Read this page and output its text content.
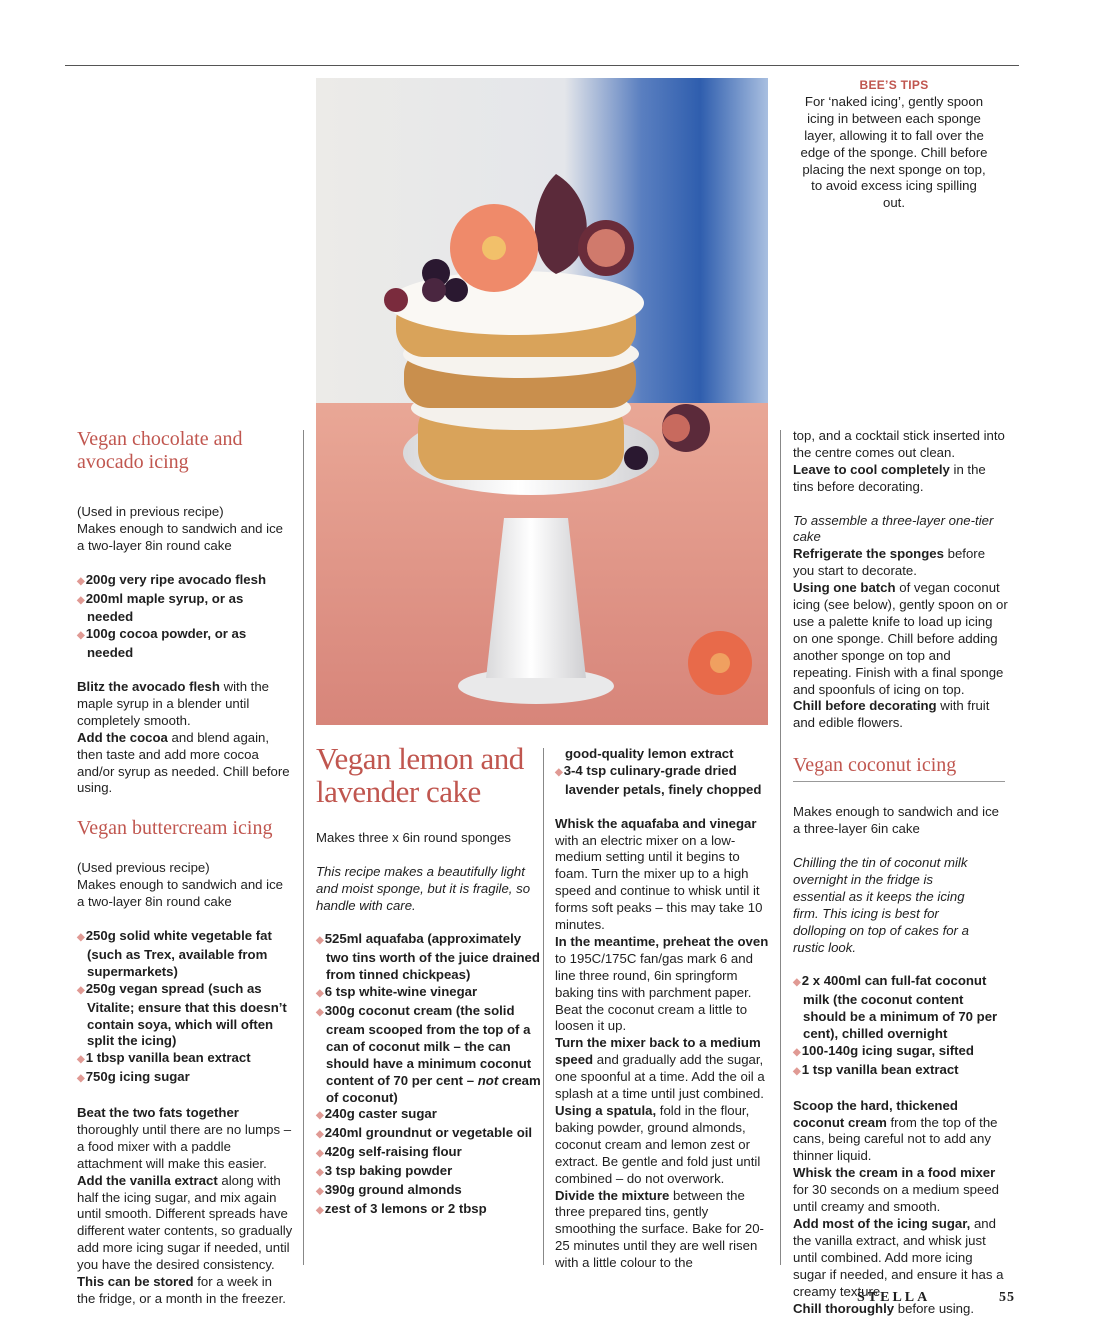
Vegan chocolate and avocado icing

(Used in previous recipe)

Makes enough to sandwich and ice a two-layer 8in round cake

◆200g very ripe avocado flesh
◆200ml maple syrup, or as needed
◆100g cocoa powder, or as needed

Blitz the avocado flesh with the maple syrup in a blender until completely smooth.

Add the cocoa and blend again, then taste and add more cocoa and/or syrup as needed. Chill before using.

Vegan buttercream icing

(Used previous recipe)

Makes enough to sandwich and ice a two-layer 8in round cake

◆250g solid white vegetable fat (such as Trex, available from supermarkets)
◆250g vegan spread (such as Vitalite; ensure that this doesn’t contain soya, which will often split the icing)
◆1 tbsp vanilla bean extract
◆750g icing sugar

Beat the two fats together thoroughly until there are no lumps – a food mixer with a paddle attachment will make this easier.

Add the vanilla extract along with half the icing sugar, and mix again until smooth. Different spreads have different water contents, so gradually add more icing sugar if needed, until you have the desired consistency.

This can be stored for a week in the fridge, or a month in the freezer.

Vegan lemon and lavender cake

Makes three x 6in round sponges

This recipe makes a beautifully light and moist sponge, but it is fragile, so handle with care.

◆525ml aquafaba (approximately two tins worth of the juice drained from tinned chickpeas)
◆6 tsp white-wine vinegar
◆300g coconut cream (the solid cream scooped from the top of a can of coconut milk – the can should have a minimum coconut content of 70 per cent – not cream of coconut)
◆240g caster sugar
◆240ml groundnut or vegetable oil
◆420g self-raising flour
◆3 tsp baking powder
◆390g ground almonds
◆zest of 3 lemons or 2 tbsp
good-quality lemon extract
◆3-4 tsp culinary-grade dried lavender petals, finely chopped

Whisk the aquafaba and vinegar with an electric mixer on a low-medium setting until it begins to foam. Turn the mixer up to a high speed and continue to whisk until it forms soft peaks – this may take 10 minutes.

In the meantime, preheat the oven to 195C/175C fan/gas mark 6 and line three round, 6in springform baking tins with parchment paper. Beat the coconut cream a little to loosen it up.

Turn the mixer back to a medium speed and gradually add the sugar, one spoonful at a time. Add the oil a splash at a time until just combined.

Using a spatula, fold in the flour, baking powder, ground almonds, coconut cream and lemon zest or extract. Be gentle and fold just until combined – do not overwork.

Divide the mixture between the three prepared tins, gently smoothing the surface. Bake for 20-25 minutes until they are well risen with a little colour to the

BEE’S TIPS

For ‘naked icing’, gently spoon icing in between each sponge layer, allowing it to fall over the edge of the sponge. Chill before placing the next sponge on top, to avoid excess icing spilling out.

top, and a cocktail stick inserted into the centre comes out clean.

Leave to cool completely in the tins before decorating.

To assemble a three-layer one-tier cake

Refrigerate the sponges before you start to decorate.

Using one batch of vegan coconut icing (see below), gently spoon on or use a palette knife to load up icing on one sponge. Chill before adding another sponge on top and repeating. Finish with a final sponge and spoonfuls of icing on top.

Chill before decorating with fruit and edible flowers.

Vegan coconut icing

Makes enough to sandwich and ice a three-layer 6in cake

Chilling the tin of coconut milk overnight in the fridge is essential as it keeps the icing firm. This icing is best for dolloping on top of cakes for a rustic look.

◆2 x 400ml can full-fat coconut milk (the coconut content should be a minimum of 70 per cent), chilled overnight
◆100-140g icing sugar, sifted
◆1 tsp vanilla bean extract

Scoop the hard, thickened coconut cream from the top of the cans, being careful not to add any thinner liquid.

Whisk the cream in a food mixer for 30 seconds on a medium speed until creamy and smooth.

Add most of the icing sugar, and the vanilla extract, and whisk just until combined. Add more icing sugar if needed, and ensure it has a creamy texture.

Chill thoroughly before using.

STELLA	55
